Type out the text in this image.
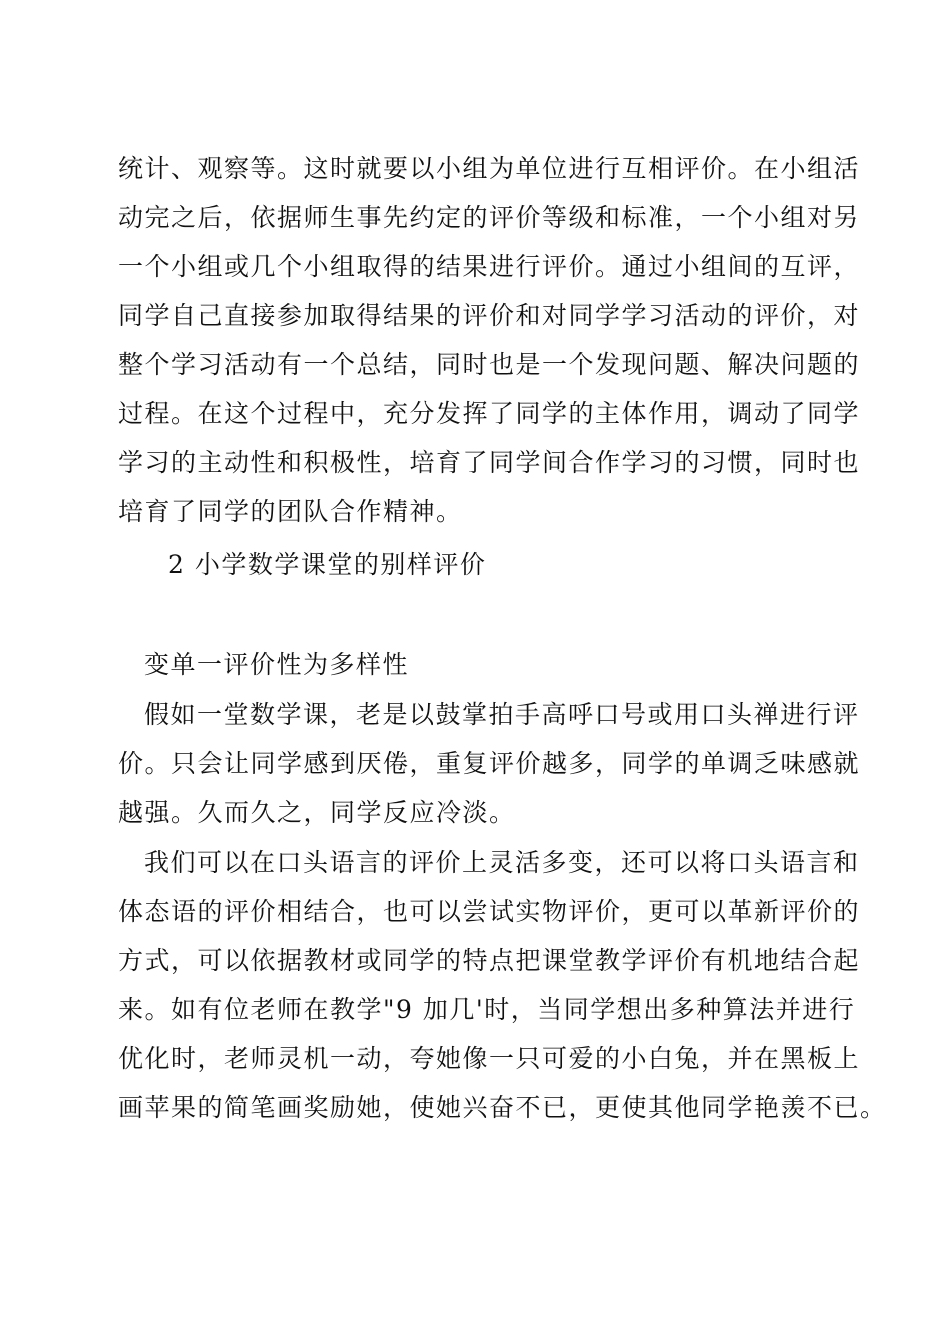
统计、观察等。这时就要以小组为单位进行互相评价。在小组活
动完之后，依据师生事先约定的评价等级和标准，一个小组对另
一个小组或几个小组取得的结果进行评价。通过小组间的互评，
同学自己直接参加取得结果的评价和对同学学习活动的评价，对
整个学习活动有一个总结，同时也是一个发现问题、解决问题的
过程。在这个过程中，充分发挥了同学的主体作用，调动了同学
学习的主动性和积极性，培育了同学间合作学习的习惯，同时也
培育了同学的团队合作精神。
2 小学数学课堂的别样评价
变单一评价性为多样性
假如一堂数学课，老是以鼓掌拍手高呼口号或用口头禅进行评
价。只会让同学感到厌倦，重复评价越多，同学的单调乏味感就
越强。久而久之，同学反应冷淡。
我们可以在口头语言的评价上灵活多变，还可以将口头语言和
体态语的评价相结合，也可以尝试实物评价，更可以革新评价的
方式，可以依据教材或同学的特点把课堂教学评价有机地结合起
来。如有位老师在教学"9 加几'时，当同学想出多种算法并进行
优化时，老师灵机一动，夸她像一只可爱的小白兔，并在黑板上
画苹果的简笔画奖励她，使她兴奋不已，更使其他同学艳羡不已。
